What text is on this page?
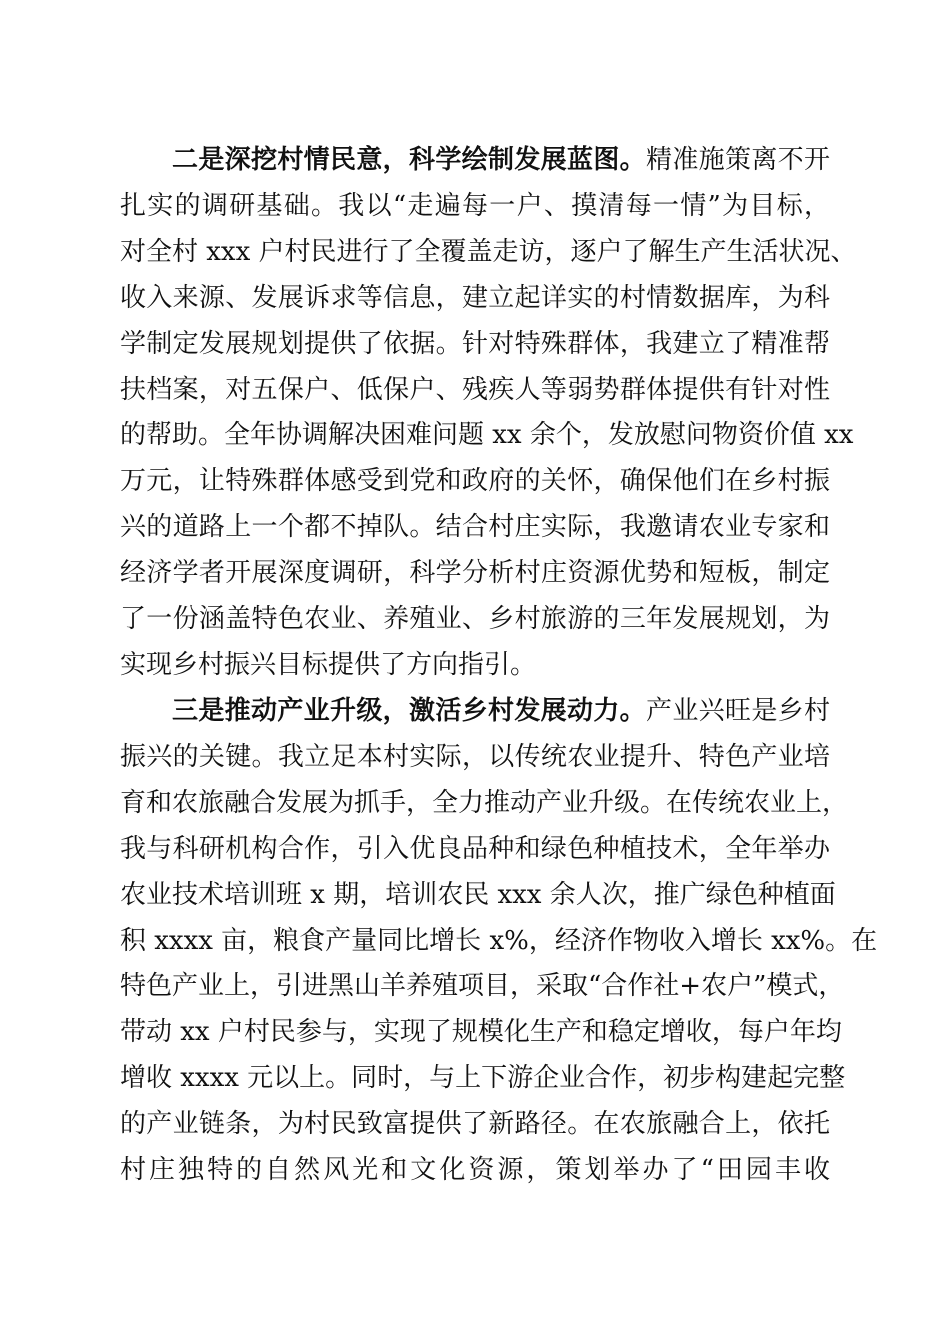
二是深挖村情民意，科学绘制发展蓝图。精准施策离不开
扎实的调研基础。我以“走遍每一户、摸清每一情”为目标，
对全村 xxx 户村民进行了全覆盖走访，逐户了解生产生活状况、
收入来源、发展诉求等信息，建立起详实的村情数据库，为科
学制定发展规划提供了依据。针对特殊群体，我建立了精准帮
扶档案，对五保户、低保户、残疾人等弱势群体提供有针对性
的帮助。全年协调解决困难问题 xx 余个，发放慰问物资价值 xx
万元，让特殊群体感受到党和政府的关怀，确保他们在乡村振
兴的道路上一个都不掉队。结合村庄实际，我邀请农业专家和
经济学者开展深度调研，科学分析村庄资源优势和短板，制定
了一份涵盖特色农业、养殖业、乡村旅游的三年发展规划，为
实现乡村振兴目标提供了方向指引。
三是推动产业升级，激活乡村发展动力。产业兴旺是乡村
振兴的关键。我立足本村实际，以传统农业提升、特色产业培
育和农旅融合发展为抓手，全力推动产业升级。在传统农业上，
我与科研机构合作，引入优良品种和绿色种植技术，全年举办
农业技术培训班 x 期，培训农民 xxx 余人次，推广绿色种植面
积 xxxx 亩，粮食产量同比增长 x%，经济作物收入增长 xx%。在
特色产业上，引进黑山羊养殖项目，采取“合作社+农户”模式，
带动 xx 户村民参与，实现了规模化生产和稳定增收，每户年均
增收 xxxx 元以上。同时，与上下游企业合作，初步构建起完整
的产业链条，为村民致富提供了新路径。在农旅融合上，依托
村庄独特的自然风光和文化资源，策划举办了“田园丰收
